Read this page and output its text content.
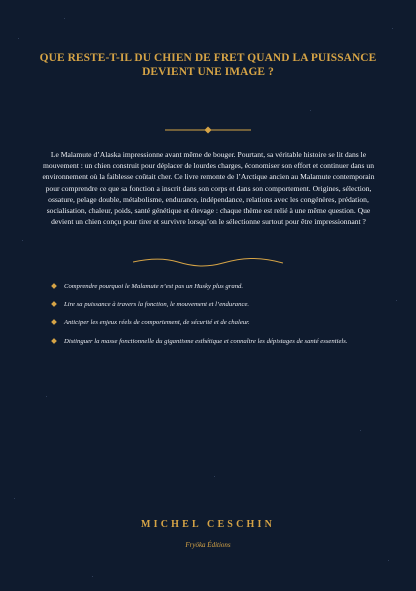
QUE RESTE-T-IL DU CHIEN DE FRET QUAND LA PUISSANCE
DEVIENT UNE IMAGE ?
Le Malamute d’Alaska impressionne avant même de bouger. Pourtant, sa véritable histoire se lit dans le mouvement : un chien construit pour déplacer de lourdes charges, économiser son effort et continuer dans un environnement où la faiblesse coûtait cher. Ce livre remonte de l’Arctique ancien au Malamute contemporain pour comprendre ce que sa fonction a inscrit dans son corps et dans son comportement. Origines, sélection, ossature, pelage double, métabolisme, endurance, indépendance, relations avec les congénères, prédation, socialisation, chaleur, poids, santé génétique et élevage : chaque thème est relié à une même question. Que devient un chien conçu pour tirer et survivre lorsqu’on le sélectionne surtout pour être impressionnant ?
Comprendre pourquoi le Malamute n’est pas un Husky plus grand.
Lire sa puissance à travers la fonction, le mouvement et l’endurance.
Anticiper les enjeux réels de comportement, de sécurité et de chaleur.
Distinguer la masse fonctionnelle du gigantisme esthétique et connaître les dépistages de santé essentiels.
MICHEL CESCHIN
Fryöka Éditions
